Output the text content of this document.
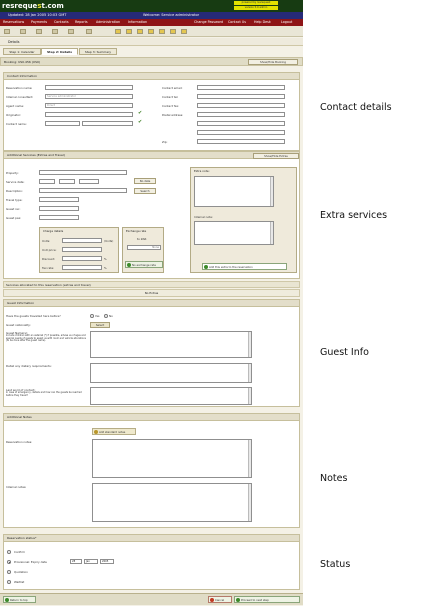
resrequest.com	powered by resrequest
version 5.9 admin
Updated: 28 Jan 2005 10:03 GMT	Welcome: Service administrator
Reservations Payments Contacts Reports	Administration Information	Change Password Contact Us Help Desk	Logout
Details
Step 1: Calendar	Step 2: Details	Step 3: Summary
Booking: US0.456 (US0)	Show/Hide Booking
Contact Information
Reservation name:
Internal consultant:	Service administrator
Agent name:	Direct
Originator:	✔
Contact name:	✔
Contact email:
Contact tel:
Contact fax:
Postal address:
Zip:
Additional Services (Extras and Travel)	Show/Hide Extras
Property:
Service date:	No date
Description:	Search
Travel type:
Guest rec:
Guest pax:
Charge details
Units:	(Units)
Unit price:
Discount:	%
Tax rate:	%
Exchange rate
to ZAR
None
No exchange rate
Extra note:
Internal note:
Add this extra to the reservation
Services allocated to this reservation (extras and travel)
No Extras
Guest Information
Have the guests travelled here before?	Yes	No
Guest nationality:	Select
Guest Name(s):
Include children with an asterisk (*) if possible, advise us of ages and special needs of guests to assist us with room and vehicle allocations (to be done after the guest name).
Detail any dietary requirements:
Last word of contact:
In case of emergency, details and how can the guests be reached before they travel?
Additional Notes
Add standard notes
Reservation notes:
Internal notes:
Reservation status*
Confirm
Provisional: Expiry date	28	Jan	2005
Quotation
Waitlist
Return to top	Cancel	Proceed to next step
Contact details
Extra services
Guest Info
Notes
Status
